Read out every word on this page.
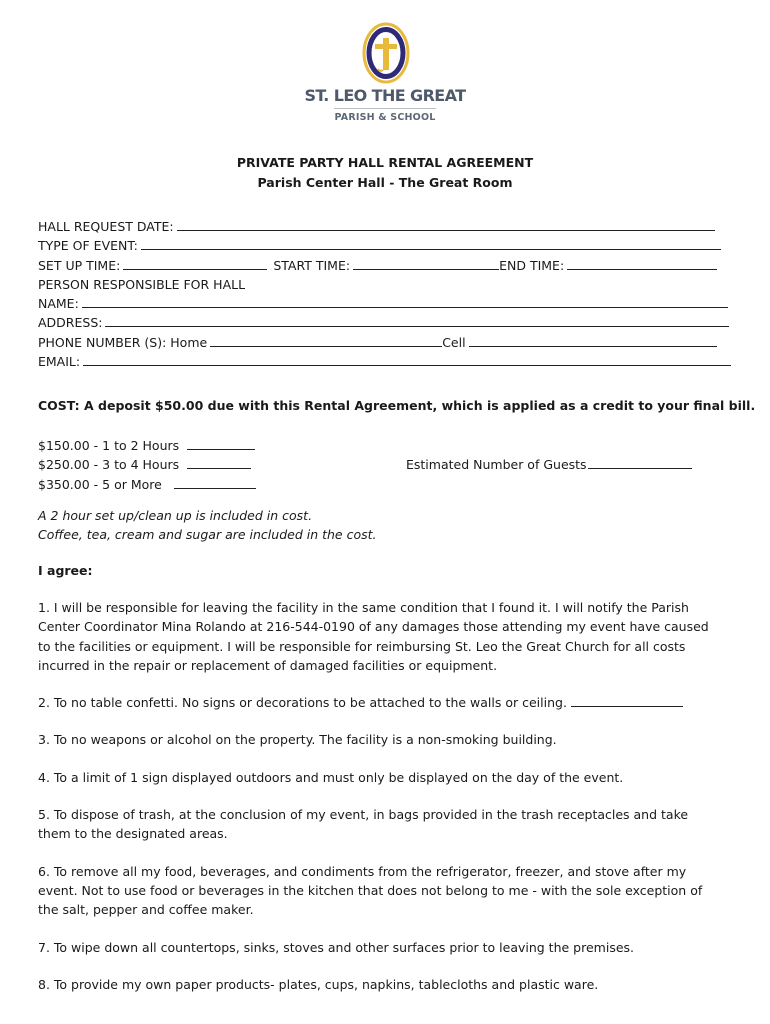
ST. LEO THE GREAT
PARISH & SCHOOL
PRIVATE PARTY HALL RENTAL AGREEMENT
Parish Center Hall - The Great Room
HALL REQUEST DATE:
TYPE OF EVENT:
SET UP TIME:	START TIME:	END TIME:
PERSON RESPONSIBLE FOR HALL
NAME:
ADDRESS:
PHONE NUMBER (S): Home	Cell
EMAIL:
COST: A deposit $50.00 due with this Rental Agreement, which is applied as a credit to your final bill.
$150.00 - 1 to 2 Hours
$250.00 - 3 to 4 Hours
$350.00 - 5 or More
Estimated Number of Guests
A 2 hour set up/clean up is included in cost.
Coffee, tea, cream and sugar are included in the cost.
I agree:

1. I will be responsible for leaving the facility in the same condition that I found it. I will notify the Parish
Center Coordinator Mina Rolando at 216-544-0190 of any damages those attending my event have caused
to the facilities or equipment. I will be responsible for reimbursing St. Leo the Great Church for all costs
incurred in the repair or replacement of damaged facilities or equipment.

2. To no table confetti. No signs or decorations to be attached to the walls or ceiling.

3. To no weapons or alcohol on the property. The facility is a non-smoking building.

4. To a limit of 1 sign displayed outdoors and must only be displayed on the day of the event.

5. To dispose of trash, at the conclusion of my event, in bags provided in the trash receptacles and take
them to the designated areas.

6. To remove all my food, beverages, and condiments from the refrigerator, freezer, and stove after my
event. Not to use food or beverages in the kitchen that does not belong to me - with the sole exception of
the salt, pepper and coffee maker.

7. To wipe down all countertops, sinks, stoves and other surfaces prior to leaving the premises.

8. To provide my own paper products- plates, cups, napkins, tablecloths and plastic ware.
